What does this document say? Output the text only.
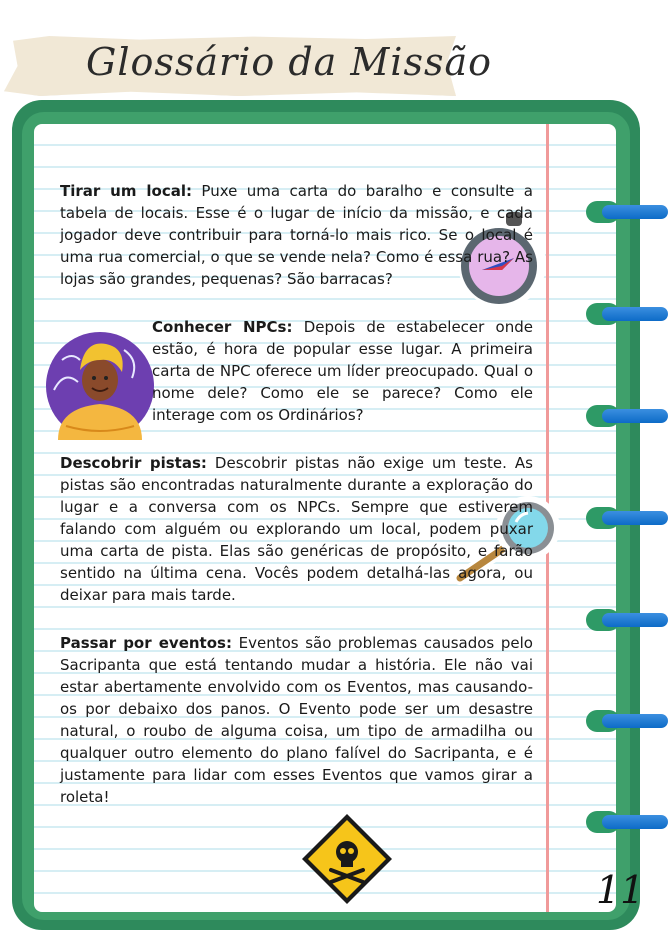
Glossário da Missão

Tirar um local: Puxe uma carta do baralho e consulte a tabela de locais. Esse é o lugar de início da missão, e cada jogador deve contribuir para torná-lo mais rico. Se o local é uma rua comercial, o que se vende nela? Como é essa rua? As lojas são grandes, pequenas? São barracas?

Conhecer NPCs: Depois de estabelecer onde estão, é hora de popular esse lugar. A primeira carta de NPC oferece um líder preocupado. Qual o nome dele? Como ele se parece? Como ele interage com os Ordinários?

Descobrir pistas: Descobrir pistas não exige um teste. As pistas são encontradas naturalmente durante a exploração do lugar e a conversa com os NPCs. Sempre que estiverem falando com alguém ou explorando um local, podem puxar uma carta de pista. Elas são genéricas de propósito, e farão sentido na última cena. Vocês podem detalhá-las agora, ou deixar para mais tarde.

Passar por eventos: Eventos são problemas causados pelo Sacripanta que está tentando mudar a história. Ele não vai estar abertamente envolvido com os Eventos, mas causando-os por debaixo dos panos. O Evento pode ser um desastre natural, o roubo de alguma coisa, um tipo de armadilha ou qualquer outro elemento do plano falível do Sacripanta, e é justamente para lidar com esses Eventos que vamos girar a roleta!

11
